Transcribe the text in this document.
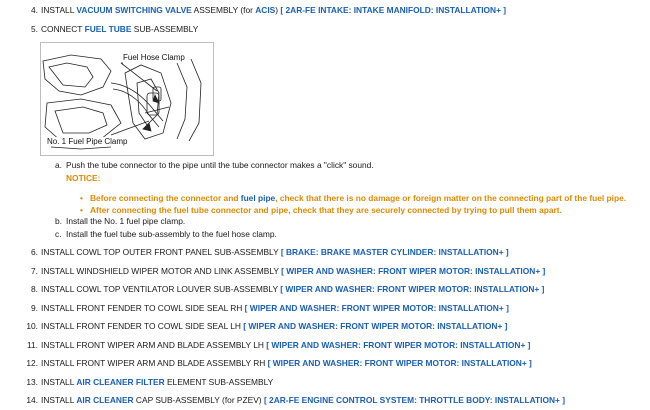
4. INSTALL VACUUM SWITCHING VALVE ASSEMBLY (for ACIS) [ 2AR-FE INTAKE: INTAKE MANIFOLD: INSTALLATION+ ]
5. CONNECT FUEL TUBE SUB-ASSEMBLY
Fuel Hose Clamp
No. 1 Fuel Pipe Clamp
a. Push the tube connector to the pipe until the tube connector makes a "click" sound.
NOTICE:
• Before connecting the connector and fuel pipe, check that there is no damage or foreign matter on the connecting part of the fuel pipe.
• After connecting the fuel tube connector and pipe, check that they are securely connected by trying to pull them apart.
b. Install the No. 1 fuel pipe clamp.
c. Install the fuel tube sub-assembly to the fuel hose clamp.
6. INSTALL COWL TOP OUTER FRONT PANEL SUB-ASSEMBLY [ BRAKE: BRAKE MASTER CYLINDER: INSTALLATION+ ]
7. INSTALL WINDSHIELD WIPER MOTOR AND LINK ASSEMBLY [ WIPER AND WASHER: FRONT WIPER MOTOR: INSTALLATION+ ]
8. INSTALL COWL TOP VENTILATOR LOUVER SUB-ASSEMBLY [ WIPER AND WASHER: FRONT WIPER MOTOR: INSTALLATION+ ]
9. INSTALL FRONT FENDER TO COWL SIDE SEAL RH [ WIPER AND WASHER: FRONT WIPER MOTOR: INSTALLATION+ ]
10. INSTALL FRONT FENDER TO COWL SIDE SEAL LH [ WIPER AND WASHER: FRONT WIPER MOTOR: INSTALLATION+ ]
11. INSTALL FRONT WIPER ARM AND BLADE ASSEMBLY LH [ WIPER AND WASHER: FRONT WIPER MOTOR: INSTALLATION+ ]
12. INSTALL FRONT WIPER ARM AND BLADE ASSEMBLY RH [ WIPER AND WASHER: FRONT WIPER MOTOR: INSTALLATION+ ]
13. INSTALL AIR CLEANER FILTER ELEMENT SUB-ASSEMBLY
14. INSTALL AIR CLEANER CAP SUB-ASSEMBLY (for PZEV) [ 2AR-FE ENGINE CONTROL SYSTEM: THROTTLE BODY: INSTALLATION+ ]
